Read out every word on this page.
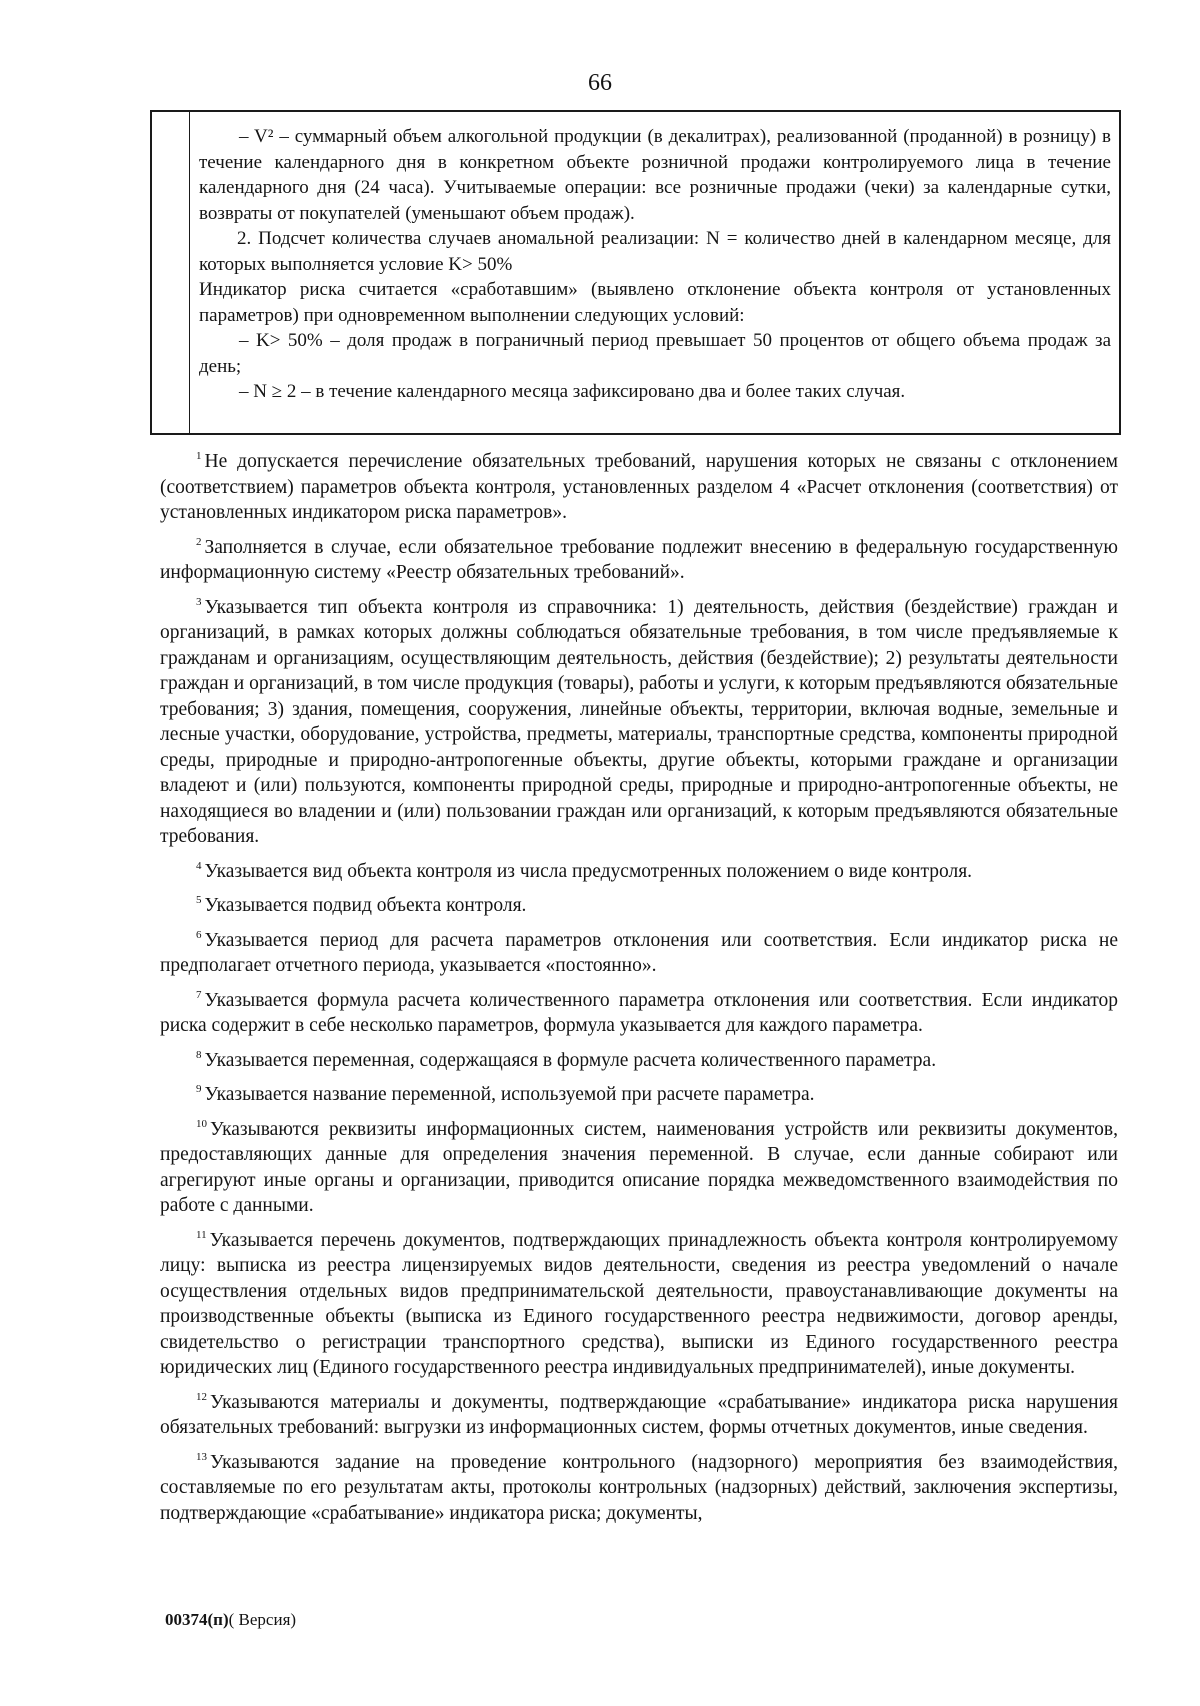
66

– V² – суммарный объем алкогольной продукции (в декалитрах), реализованной (проданной) в розницу) в течение календарного дня в конкретном объекте розничной продажи контролируемого лица в течение календарного дня (24 часа). Учитываемые операции: все розничные продажи (чеки) за календарные сутки, возвраты от покупателей (уменьшают объем продаж).

2. Подсчет количества случаев аномальной реализации: N = количество дней в календарном месяце, для которых выполняется условие K> 50%

Индикатор риска считается «сработавшим» (выявлено отклонение объекта контроля от установленных параметров) при одновременном выполнении следующих условий:

– K> 50% – доля продаж в пограничный период превышает 50 процентов от общего объема продаж за день;

– N ≥ 2 – в течение календарного месяца зафиксировано два и более таких случая.

$^1$ Не допускается перечисление обязательных требований, нарушения которых не связаны с отклонением (соответствием) параметров объекта контроля, установленных разделом 4 «Расчет отклонения (соответствия) от установленных индикатором риска параметров».

$^2$ Заполняется в случае, если обязательное требование подлежит внесению в федеральную государственную информационную систему «Реестр обязательных требований».

$^3$ Указывается тип объекта контроля из справочника: 1) деятельность, действия (бездействие) граждан и организаций, в рамках которых должны соблюдаться обязательные требования, в том числе предъявляемые к гражданам и организациям, осуществляющим деятельность, действия (бездействие); 2) результаты деятельности граждан и организаций, в том числе продукция (товары), работы и услуги, к которым предъявляются обязательные требования; 3) здания, помещения, сооружения, линейные объекты, территории, включая водные, земельные и лесные участки, оборудование, устройства, предметы, материалы, транспортные средства, компоненты природной среды, природные и природно-антропогенные объекты, другие объекты, которыми граждане и организации владеют и (или) пользуются, компоненты природной среды, природные и природно-антропогенные объекты, не находящиеся во владении и (или) пользовании граждан или организаций, к которым предъявляются обязательные требования.

$^4$ Указывается вид объекта контроля из числа предусмотренных положением о виде контроля.

$^5$ Указывается подвид объекта контроля.

$^6$ Указывается период для расчета параметров отклонения или соответствия. Если индикатор риска не предполагает отчетного периода, указывается «постоянно».

$^7$ Указывается формула расчета количественного параметра отклонения или соответствия. Если индикатор риска содержит в себе несколько параметров, формула указывается для каждого параметра.

$^8$ Указывается переменная, содержащаяся в формуле расчета количественного параметра.

$^9$ Указывается название переменной, используемой при расчете параметра.

$^{10}$ Указываются реквизиты информационных систем, наименования устройств или реквизиты документов, предоставляющих данные для определения значения переменной. В случае, если данные собирают или агрегируют иные органы и организации, приводится описание порядка межведомственного взаимодействия по работе с данными.

$^{11}$ Указывается перечень документов, подтверждающих принадлежность объекта контроля контролируемому лицу: выписка из реестра лицензируемых видов деятельности, сведения из реестра уведомлений о начале осуществления отдельных видов предпринимательской деятельности, правоустанавливающие документы на производственные объекты (выписка из Единого государственного реестра недвижимости, договор аренды, свидетельство о регистрации транспортного средства), выписки из Единого государственного реестра юридических лиц (Единого государственного реестра индивидуальных предпринимателей), иные документы.

$^{12}$ Указываются материалы и документы, подтверждающие «срабатывание» индикатора риска нарушения обязательных требований: выгрузки из информационных систем, формы отчетных документов, иные сведения.

$^{13}$ Указываются задание на проведение контрольного (надзорного) мероприятия без взаимодействия, составляемые по его результатам акты, протоколы контрольных (надзорных) действий, заключения экспертизы, подтверждающие «срабатывание» индикатора риска; документы,

00374(п)( Версия)
